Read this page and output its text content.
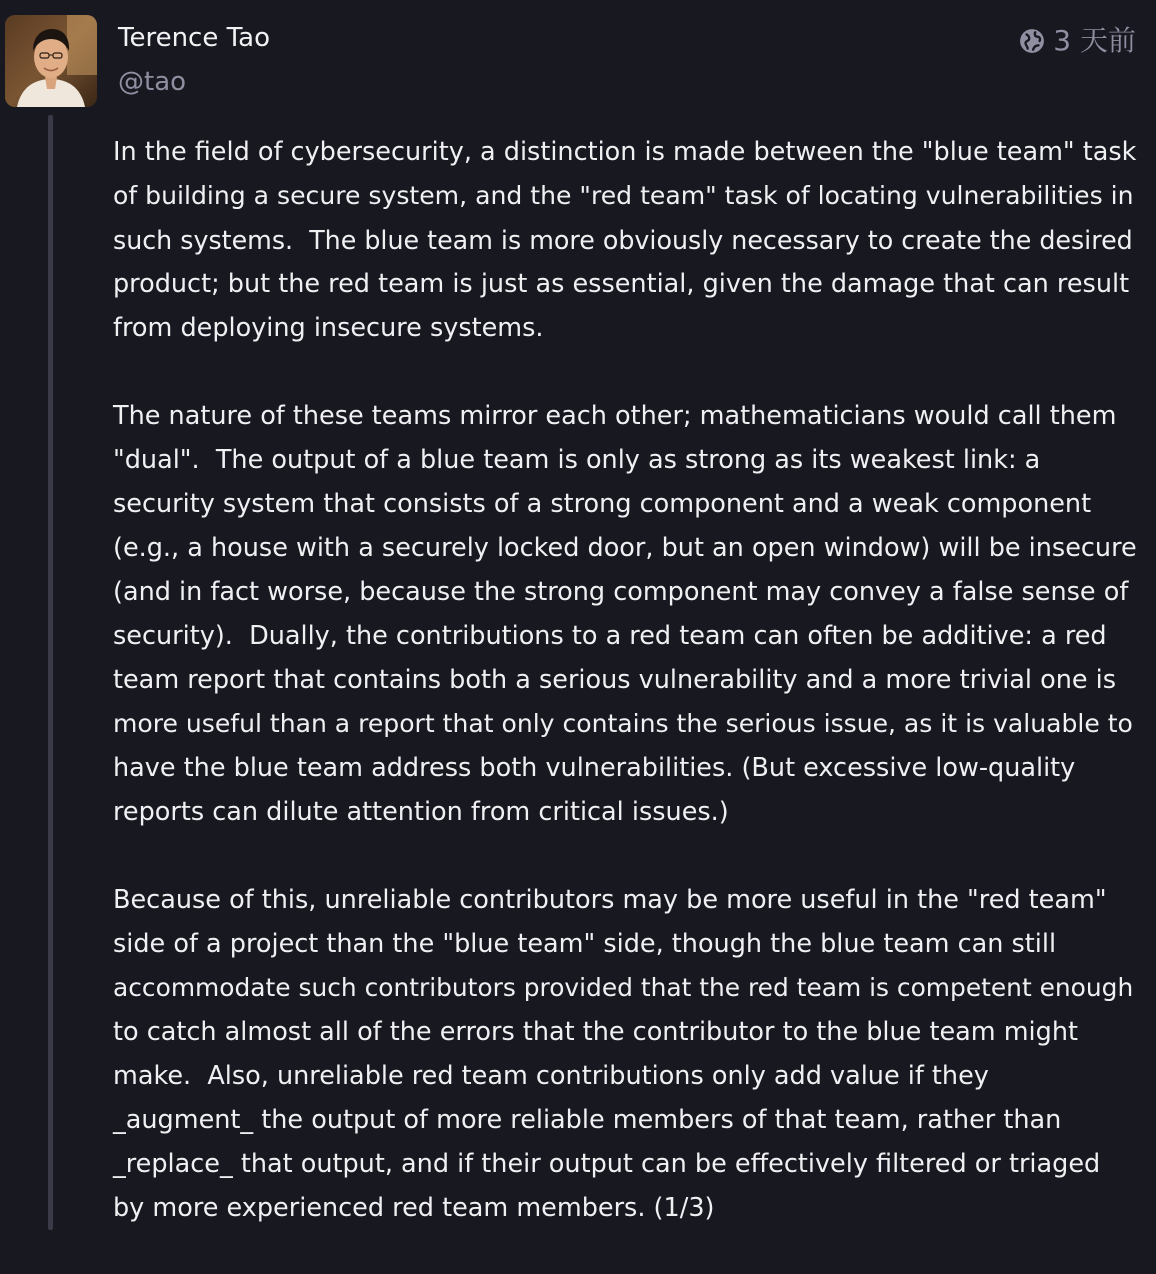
Terence Tao
@tao
3 天前
In the field of cybersecurity, a distinction is made between the "blue team" task
of building a secure system, and the "red team" task of locating vulnerabilities in
such systems.  The blue team is more obviously necessary to create the desired
product; but the red team is just as essential, given the damage that can result
from deploying insecure systems.
The nature of these teams mirror each other; mathematicians would call them
"dual".  The output of a blue team is only as strong as its weakest link: a
security system that consists of a strong component and a weak component
(e.g., a house with a securely locked door, but an open window) will be insecure
(and in fact worse, because the strong component may convey a false sense of
security).  Dually, the contributions to a red team can often be additive: a red
team report that contains both a serious vulnerability and a more trivial one is
more useful than a report that only contains the serious issue, as it is valuable to
have the blue team address both vulnerabilities. (But excessive low-quality
reports can dilute attention from critical issues.)
Because of this, unreliable contributors may be more useful in the "red team"
side of a project than the "blue team" side, though the blue team can still
accommodate such contributors provided that the red team is competent enough
to catch almost all of the errors that the contributor to the blue team might
make.  Also, unreliable red team contributions only add value if they
_augment_ the output of more reliable members of that team, rather than
_replace_ that output, and if their output can be effectively filtered or triaged
by more experienced red team members. (1/3)
